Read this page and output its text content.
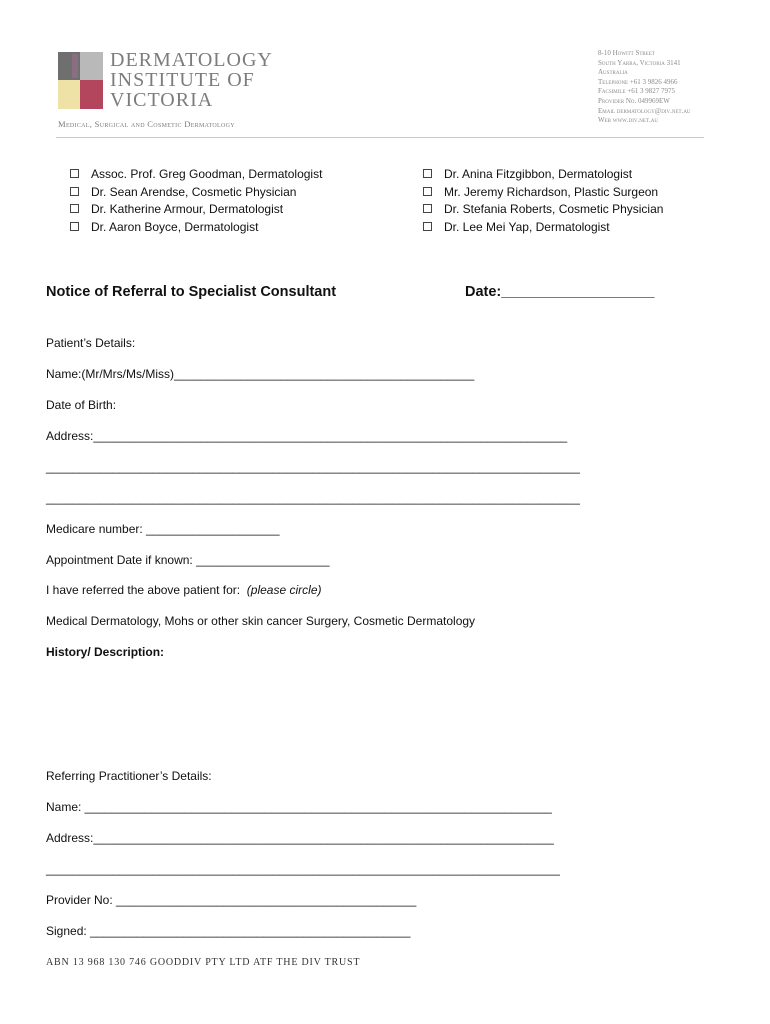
DERMATOLOGY
INSTITUTE OF
VICTORIA
Medical, Surgical and Cosmetic Dermatology
8-10 Howitt Street
South Yarra, Victoria 3141
Australia
Telephone +61 3 9826 4966
Facsimile +61 3 9827 7975
Provider No. 049969EW
Email dermatology@div.net.au
Web www.div.net.au
Assoc. Prof. Greg Goodman, Dermatologist
Dr. Sean Arendse, Cosmetic Physician
Dr. Katherine Armour, Dermatologist
Dr. Aaron Boyce, Dermatologist
Dr. Anina Fitzgibbon, Dermatologist
Mr. Jeremy Richardson, Plastic Surgeon
Dr. Stefania Roberts, Cosmetic Physician
Dr. Lee Mei Yap, Dermatologist
Notice of Referral to Specialist Consultant	Date:___________________
Patient’s Details:
Name:(Mr/Mrs/Ms/Miss)_____________________________________________
Date of Birth:
Address:_______________________________________________________________________
________________________________________________________________________________
________________________________________________________________________________
Medicare number: ____________________
Appointment Date if known: ____________________
I have referred the above patient for: (please circle)
Medical Dermatology, Mohs or other skin cancer Surgery, Cosmetic Dermatology
History/ Description:
Referring Practitioner’s Details:
Name: ______________________________________________________________________
Address:_____________________________________________________________________
_____________________________________________________________________________
Provider No: _____________________________________________
Signed: ________________________________________________
ABN 13 968 130 746 GOODDIV PTY LTD ATF THE DIV TRUST
